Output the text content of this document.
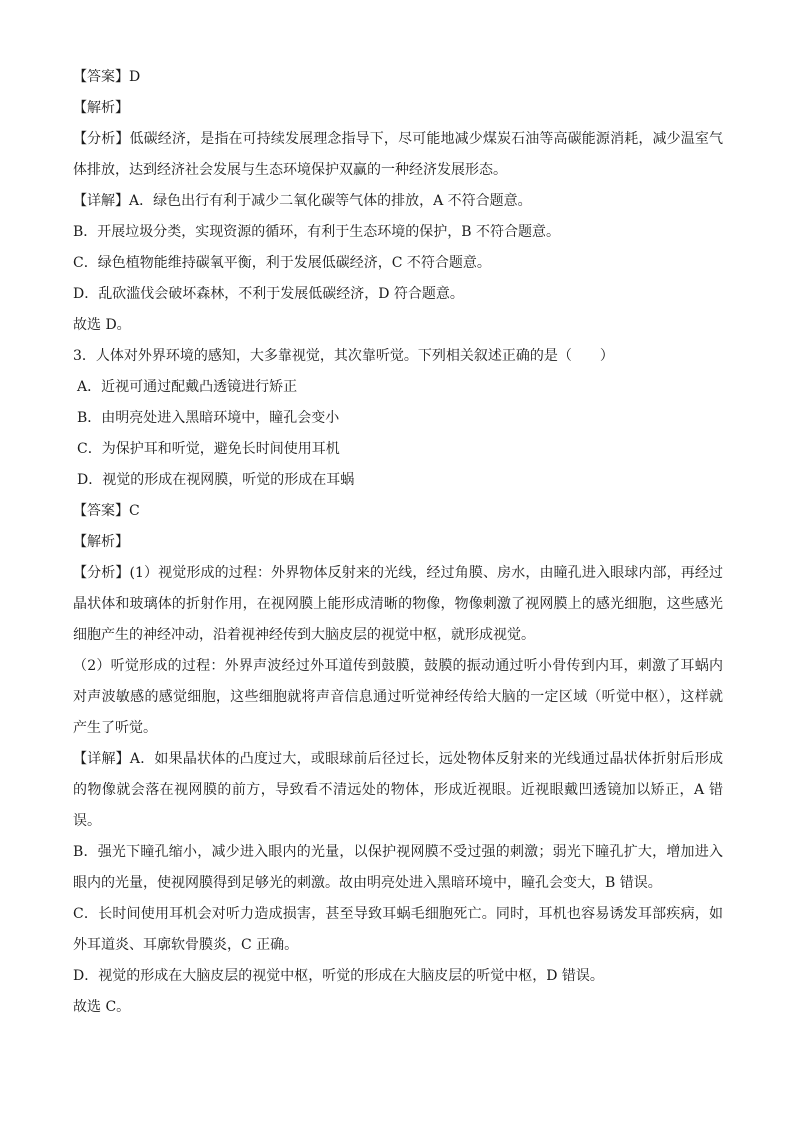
【答案】D
【解析】
【分析】低碳经济，是指在可持续发展理念指导下，尽可能地减少煤炭石油等高碳能源消耗，减少温室气体排放，达到经济社会发展与生态环境保护双赢的一种经济发展形态。
【详解】A．绿色出行有利于减少二氧化碳等气体的排放，A 不符合题意。
B．开展垃圾分类，实现资源的循环，有利于生态环境的保护，B 不符合题意。
C．绿色植物能维持碳氧平衡，利于发展低碳经济，C 不符合题意。
D．乱砍滥伐会破坏森林，不利于发展低碳经济，D 符合题意。
故选 D。
3．人体对外界环境的感知，大多靠视觉，其次靠听觉。下列相关叙述正确的是（　　）
A．近视可通过配戴凸透镜进行矫正
B．由明亮处进入黑暗环境中，瞳孔会变小
C．为保护耳和听觉，避免长时间使用耳机
D．视觉的形成在视网膜，听觉的形成在耳蜗
【答案】C
【解析】
【分析】(1）视觉形成的过程：外界物体反射来的光线，经过角膜、房水，由瞳孔进入眼球内部，再经过晶状体和玻璃体的折射作用，在视网膜上能形成清晰的物像，物像刺激了视网膜上的感光细胞，这些感光细胞产生的神经冲动，沿着视神经传到大脑皮层的视觉中枢，就形成视觉。
（2）听觉形成的过程：外界声波经过外耳道传到鼓膜，鼓膜的振动通过听小骨传到内耳，刺激了耳蜗内对声波敏感的感觉细胞，这些细胞就将声音信息通过听觉神经传给大脑的一定区域（听觉中枢），这样就产生了听觉。
【详解】A．如果晶状体的凸度过大，或眼球前后径过长，远处物体反射来的光线通过晶状体折射后形成的物像就会落在视网膜的前方，导致看不清远处的物体，形成近视眼。近视眼戴凹透镜加以矫正，A 错误。
B．强光下瞳孔缩小，减少进入眼内的光量，以保护视网膜不受过强的刺激；弱光下瞳孔扩大，增加进入眼内的光量，使视网膜得到足够光的刺激。故由明亮处进入黑暗环境中，瞳孔会变大，B 错误。
C．长时间使用耳机会对听力造成损害，甚至导致耳蜗毛细胞死亡。同时，耳机也容易诱发耳部疾病，如外耳道炎、耳廓软骨膜炎，C 正确。
D．视觉的形成在大脑皮层的视觉中枢，听觉的形成在大脑皮层的听觉中枢，D 错误。
故选 C。
